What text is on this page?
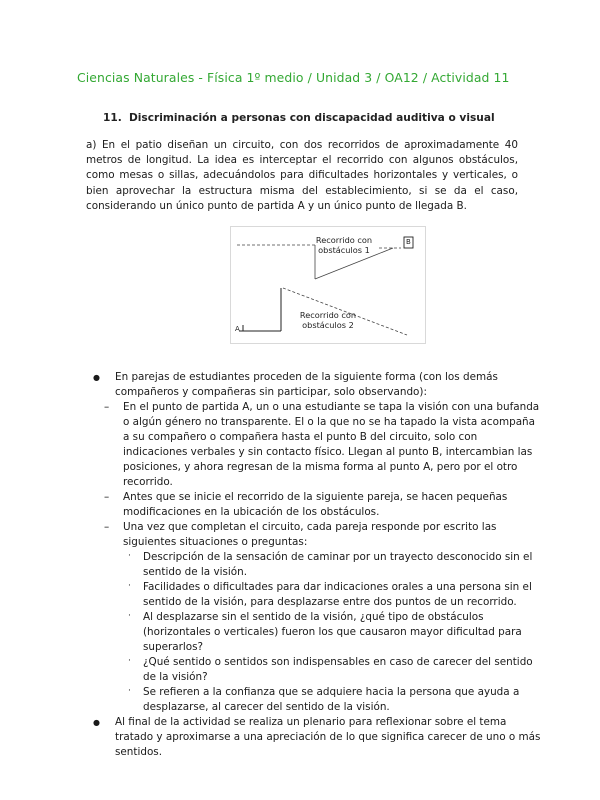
Ciencias Naturales - Física 1º medio / Unidad 3 / OA12 / Actividad 11
11. Discriminación a personas con discapacidad auditiva o visual
a) En el patio diseñan un circuito, con dos recorridos de aproximadamente 40 metros de longitud. La idea es interceptar el recorrido con algunos obstáculos, como mesas o sillas, adecuándolos para dificultades horizontales y verticales, o bien aprovechar la estructura misma del establecimiento, si se da el caso, considerando un único punto de partida A y un único punto de llegada B.
Recorrido con obstáculos 1
Recorrido con obstáculos 2
A
B
● En parejas de estudiantes proceden de la siguiente forma (con los demás compañeros y compañeras sin participar, solo observando):
– En el punto de partida A, un o una estudiante se tapa la visión con una bufanda o algún género no transparente. El o la que no se ha tapado la vista acompaña a su compañero o compañera hasta el punto B del circuito, solo con indicaciones verbales y sin contacto físico. Llegan al punto B, intercambian las posiciones, y ahora regresan de la misma forma al punto A, pero por el otro recorrido.
– Antes que se inicie el recorrido de la siguiente pareja, se hacen pequeñas modificaciones en la ubicación de los obstáculos.
– Una vez que completan el circuito, cada pareja responde por escrito las siguientes situaciones o preguntas:
· Descripción de la sensación de caminar por un trayecto desconocido sin el sentido de la visión.
· Facilidades o dificultades para dar indicaciones orales a una persona sin el sentido de la visión, para desplazarse entre dos puntos de un recorrido.
· Al desplazarse sin el sentido de la visión, ¿qué tipo de obstáculos (horizontales o verticales) fueron los que causaron mayor dificultad para superarlos?
· ¿Qué sentido o sentidos son indispensables en caso de carecer del sentido de la visión?
· Se refieren a la confianza que se adquiere hacia la persona que ayuda a desplazarse, al carecer del sentido de la visión.
● Al final de la actividad se realiza un plenario para reflexionar sobre el tema tratado y aproximarse a una apreciación de lo que significa carecer de uno o más sentidos.
